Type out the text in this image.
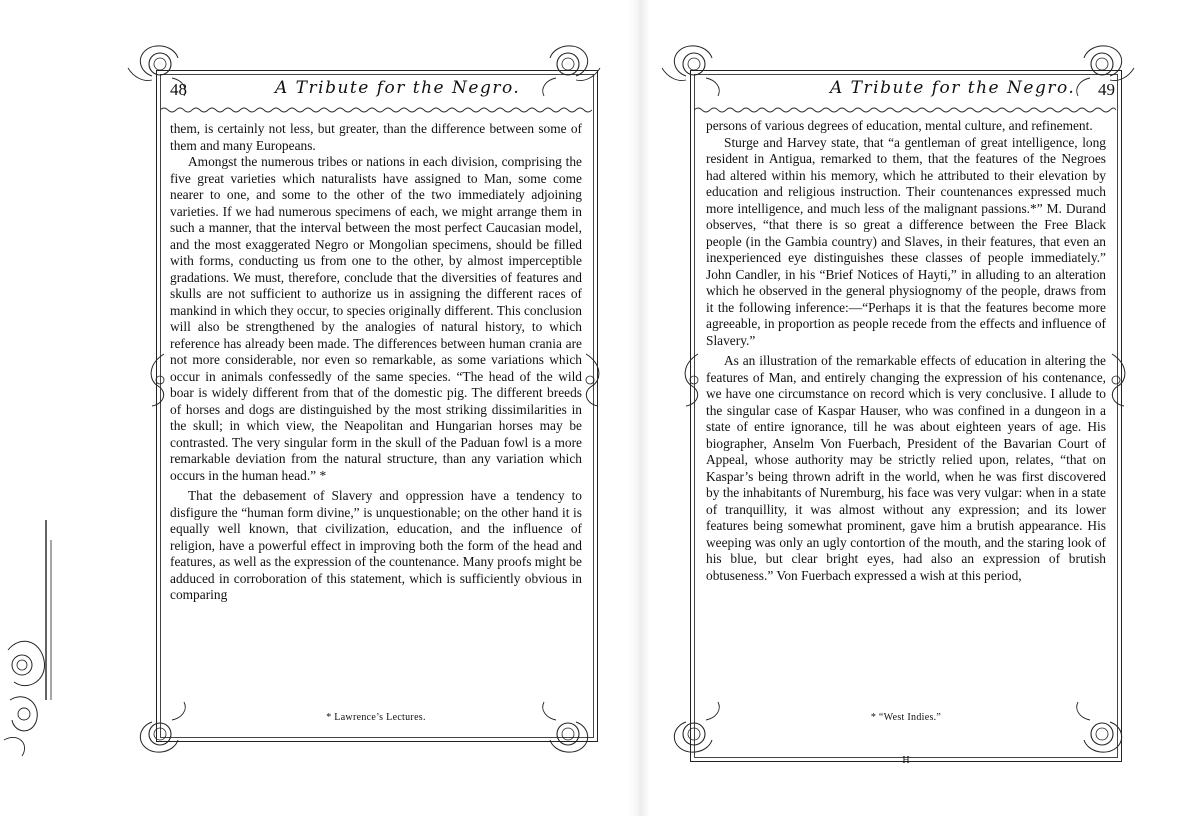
48	A Tribute for the Negro.

them, is certainly not less, but greater, than the difference between some of them and many Europeans.

Amongst the numerous tribes or nations in each division, comprising the five great varieties which naturalists have assigned to Man, some come nearer to one, and some to the other of the two immediately adjoining varieties. If we had numerous specimens of each, we might arrange them in such a manner, that the interval between the most perfect Caucasian model, and the most exaggerated Negro or Mongolian specimens, should be filled with forms, conducting us from one to the other, by almost imperceptible gradations. We must, therefore, conclude that the diversities of features and skulls are not sufficient to authorize us in assigning the different races of mankind in which they occur, to species originally different. This conclusion will also be strengthened by the analogies of natural history, to which reference has already been made. The differences between human crania are not more considerable, nor even so remarkable, as some variations which occur in animals confessedly of the same species. “The head of the wild boar is widely different from that of the domestic pig. The different breeds of horses and dogs are distinguished by the most striking dissimilarities in the skull; in which view, the Neapolitan and Hungarian horses may be contrasted. The very singular form in the skull of the Paduan fowl is a more remarkable deviation from the natural structure, than any variation which occurs in the human head.” *

That the debasement of Slavery and oppression have a tendency to disfigure the “human form divine,” is unquestionable; on the other hand it is equally well known, that civilization, education, and the influence of religion, have a powerful effect in improving both the form of the head and features, as well as the expression of the countenance. Many proofs might be adduced in corroboration of this statement, which is sufficiently obvious in comparing

* Lawrence’s Lectures.
A Tribute for the Negro. 49

persons of various degrees of education, mental culture, and refinement.

Sturge and Harvey state, that “a gentleman of great intelligence, long resident in Antigua, remarked to them, that the features of the Negroes had altered within his memory, which he attributed to their elevation by education and religious instruction. Their countenances expressed much more intelligence, and much less of the malignant passions.*” M. Durand observes, “that there is so great a difference between the Free Black people (in the Gambia country) and Slaves, in their features, that even an inexperienced eye distinguishes these classes of people immediately.” John Candler, in his “Brief Notices of Hayti,” in alluding to an alteration which he observed in the general physiognomy of the people, draws from it the following inference:—“Perhaps it is that the features become more agreeable, in proportion as people recede from the effects and influence of Slavery.”

As an illustration of the remarkable effects of education in altering the features of Man, and entirely changing the expression of his contenance, we have one circumstance on record which is very conclusive. I allude to the singular case of Kaspar Hauser, who was confined in a dungeon in a state of entire ignorance, till he was about eighteen years of age. His biographer, Anselm Von Fuerbach, President of the Bavarian Court of Appeal, whose authority may be strictly relied upon, relates, “that on Kaspar’s being thrown adrift in the world, when he was first discovered by the inhabitants of Nuremburg, his face was very vulgar: when in a state of tranquillity, it was almost without any expression; and its lower features being somewhat prominent, gave him a brutish appearance. His weeping was only an ugly contortion of the mouth, and the staring look of his blue, but clear bright eyes, had also an expression of brutish obtuseness.” Von Fuerbach expressed a wish at this period,

* “West Indies.”
H
